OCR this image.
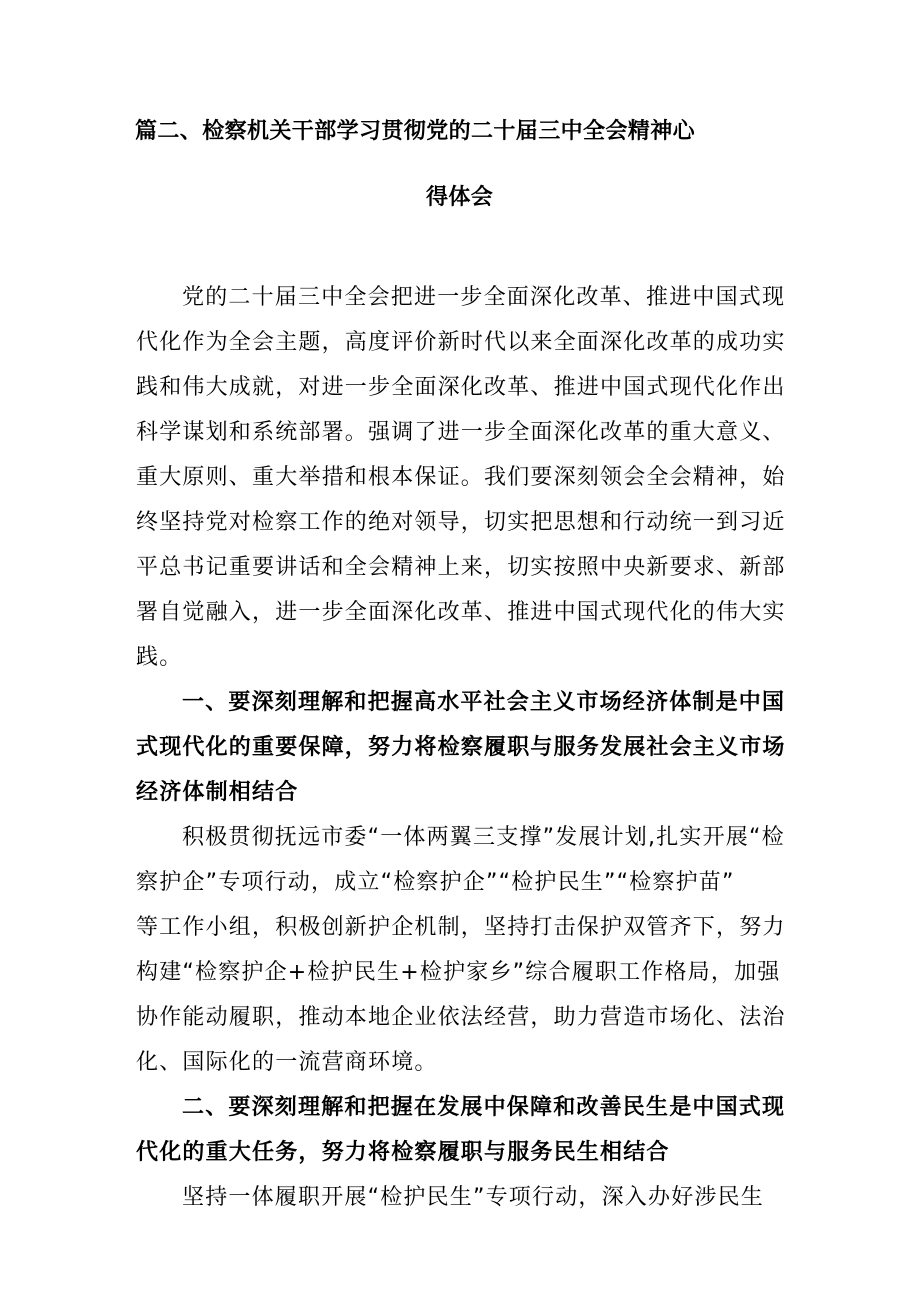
篇二、检察机关干部学习贯彻党的二十届三中全会精神心
得体会
党的二十届三中全会把进一步全面深化改革、推进中国式现
代化作为全会主题，高度评价新时代以来全面深化改革的成功实
践和伟大成就，对进一步全面深化改革、推进中国式现代化作出
科学谋划和系统部署。强调了进一步全面深化改革的重大意义、
重大原则、重大举措和根本保证。我们要深刻领会全会精神，始
终坚持党对检察工作的绝对领导，切实把思想和行动统一到习近
平总书记重要讲话和全会精神上来，切实按照中央新要求、新部
署自觉融入，进一步全面深化改革、推进中国式现代化的伟大实
践。
一、要深刻理解和把握高水平社会主义市场经济体制是中国
式现代化的重要保障，努力将检察履职与服务发展社会主义市场
经济体制相结合
积极贯彻抚远市委“一体两翼三支撑”发展计划,扎实开展“检
察护企”专项行动，成立“检察护企”“检护民生”“检察护苗”
等工作小组，积极创新护企机制，坚持打击保护双管齐下，努力
构建“检察护企+检护民生+检护家乡”综合履职工作格局，加强
协作能动履职，推动本地企业依法经营，助力营造市场化、法治
化、国际化的一流营商环境。
二、要深刻理解和把握在发展中保障和改善民生是中国式现
代化的重大任务，努力将检察履职与服务民生相结合
坚持一体履职开展“检护民生”专项行动，深入办好涉民生
